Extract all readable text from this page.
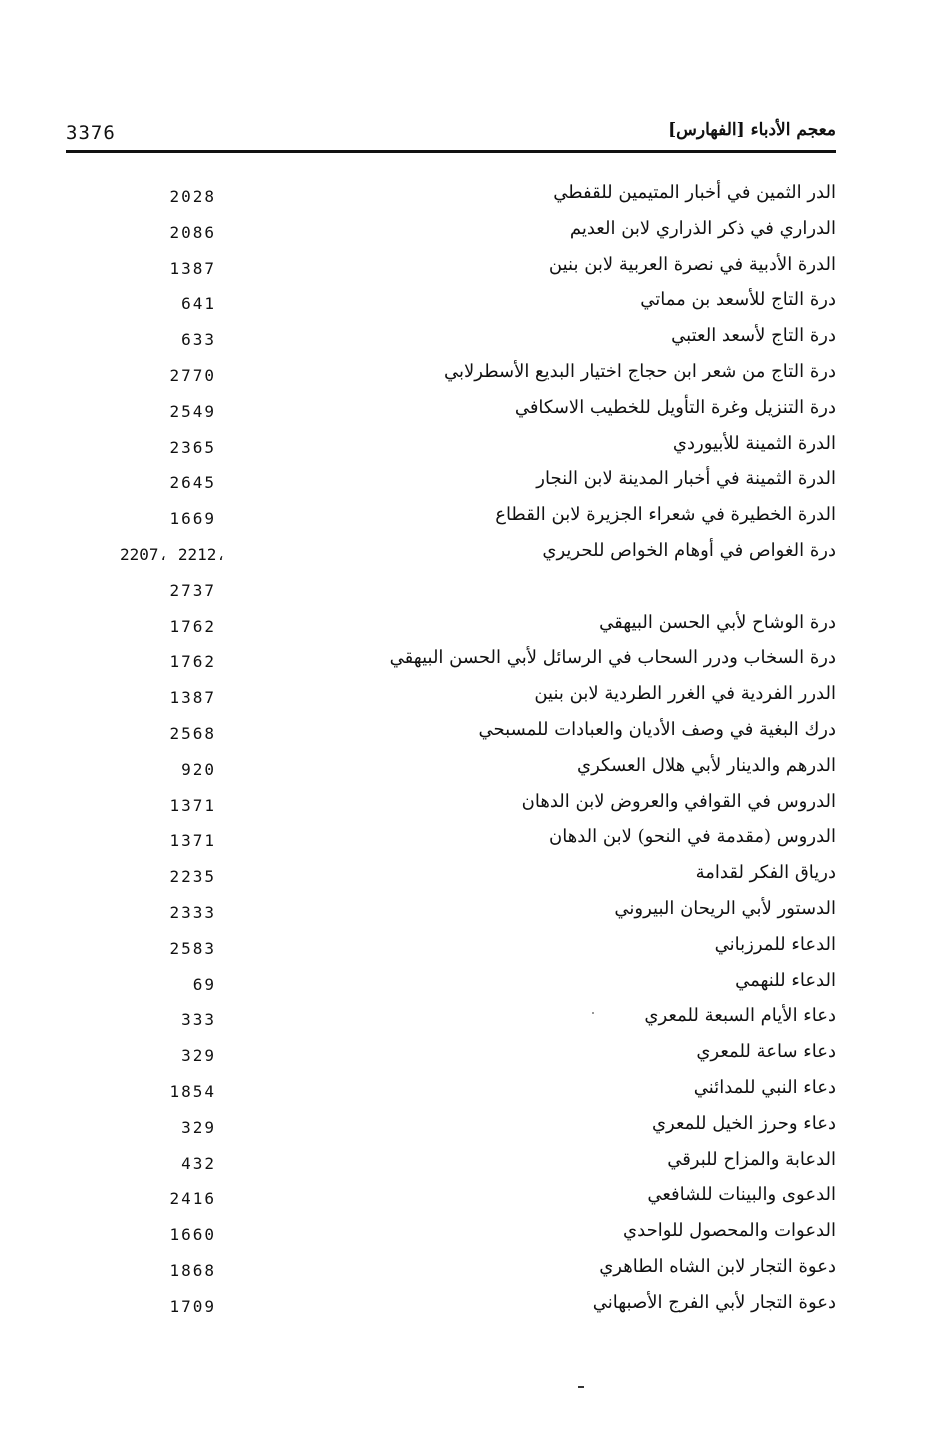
3376	معجم الأدباء [الفهارس]
الدر الثمين في أخبار المتيمين للقفطي
2028
الدراري في ذكر الذراري لابن العديم
2086
الدرة الأدبية في نصرة العربية لابن بنين
1387
درة التاج للأسعد بن مماتي
641
درة التاج لأسعد العتبي
633
درة التاج من شعر ابن حجاج اختيار البديع الأسطرلابي
2770
درة التنزيل وغرة التأويل للخطيب الاسكافي
2549
الدرة الثمينة للأبيوردي
2365
الدرة الثمينة في أخبار المدينة لابن النجار
2645
الدرة الخطيرة في شعراء الجزيرة لابن القطاع
1669
درة الغواص في أوهام الخواص للحريري
2207، 2212،
2737
درة الوشاح لأبي الحسن البيهقي
1762
درة السخاب ودرر السحاب في الرسائل لأبي الحسن البيهقي
1762
الدرر الفردية في الغرر الطردية لابن بنين
1387
درك البغية في وصف الأديان والعبادات للمسبحي
2568
الدرهم والدينار لأبي هلال العسكري
920
الدروس في القوافي والعروض لابن الدهان
1371
الدروس (مقدمة في النحو) لابن الدهان
1371
درياق الفكر لقدامة
2235
الدستور لأبي الريحان البيروني
2333
الدعاء للمرزباني
2583
الدعاء للنهمي
69
دعاء الأيام السبعة للمعري
333
دعاء ساعة للمعري
329
دعاء النبي للمدائني
1854
دعاء وحرز الخيل للمعري
329
الدعابة والمزاح للبرقي
432
الدعوى والبينات للشافعي
2416
الدعوات والمحصول للواحدي
1660
دعوة التجار لابن الشاه الطاهري
1868
دعوة التجار لأبي الفرج الأصبهاني
1709
